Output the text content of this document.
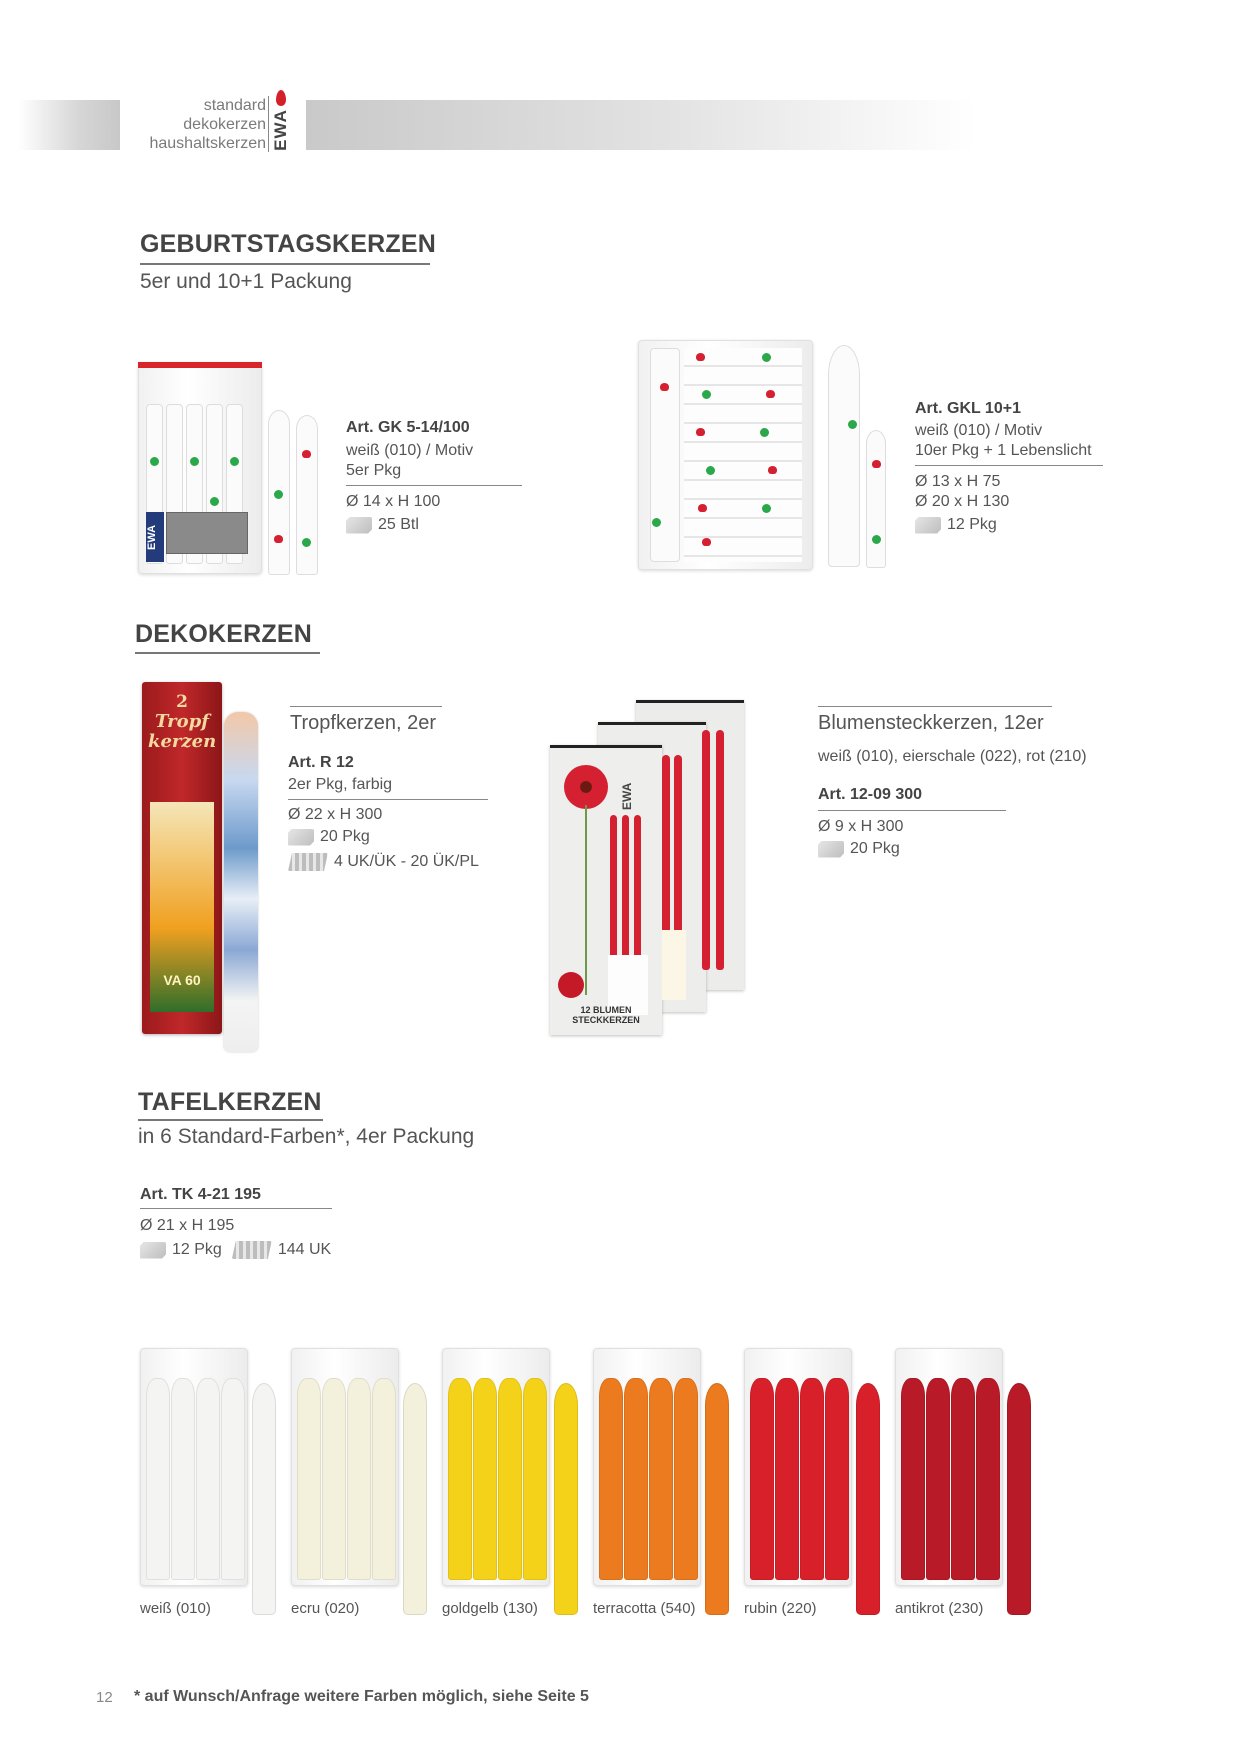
standard
dekokerzen
haushaltskerzen EWA
GEBURTSTAGSKERZEN
5er und 10+1 Packung
EWA
Art. GK 5-14/100
weiß (010) / Motiv
5er Pkg
Ø 14 x H 100
25 Btl
Art. GKL 10+1
weiß (010) / Motiv
10er Pkg + 1 Lebenslicht
Ø 13 x H 75
Ø 20 x H 130
12 Pkg
DEKOKERZEN
2
Tropf
kerzen
VA 60
Tropfkerzen, 2er
Art. R 12
2er Pkg, farbig
Ø 22 x H 300
20 Pkg
4 UK/ÜK - 20 ÜK/PL
12 BLUMEN STECKKERZEN
EWA
Blumensteckkerzen, 12er
weiß (010), eierschale (022), rot (210)
Art. 12-09 300
Ø 9 x H 300
20 Pkg
TAFELKERZEN
in 6 Standard-Farben*, 4er Packung
Art. TK 4-21 195
Ø 21 x H 195
12 Pkg	144 UK
weiß (010)	ecru (020)	goldgelb (130)	terracotta (540)	rubin (220)	antikrot (230)
12 * auf Wunsch/Anfrage weitere Farben möglich, siehe Seite 5
